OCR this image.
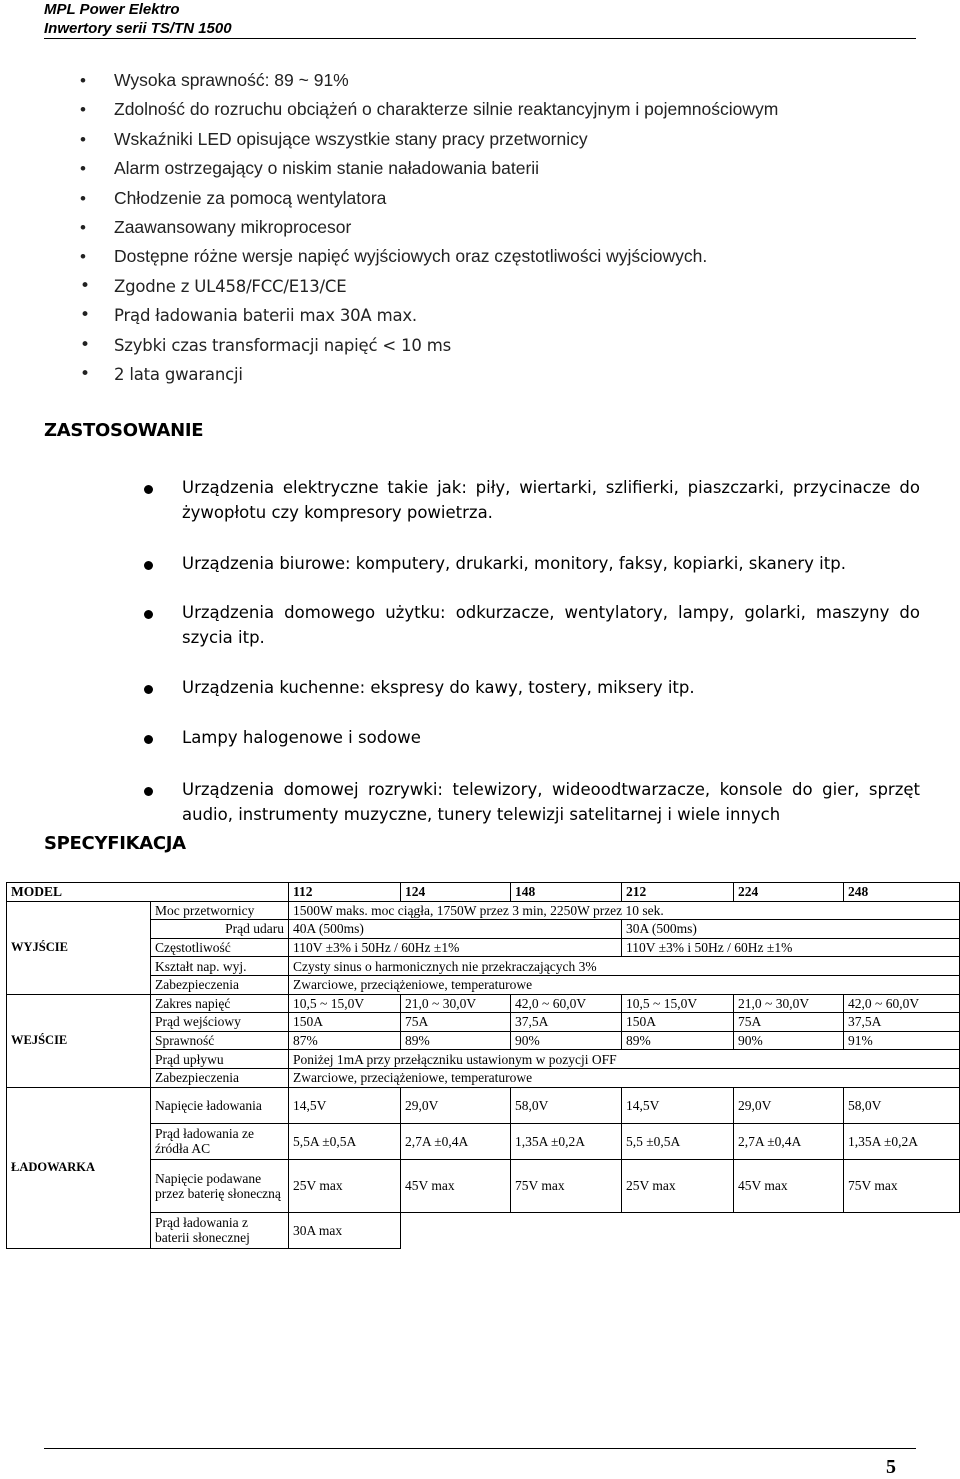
MPL Power Elektro
Inwertory serii TS/TN 1500
• Wysoka sprawność: 89 ~ 91%
• Zdolność do rozruchu obciążeń o charakterze silnie reaktancyjnym i pojemnościowym
• Wskaźniki LED opisujące wszystkie stany pracy przetwornicy
• Alarm ostrzegający o niskim stanie naładowania baterii
• Chłodzenie za pomocą wentylatora
• Zaawansowany mikroprocesor
• Dostępne różne wersje napięć wyjściowych oraz częstotliwości wyjściowych.
• Zgodne z UL458/FCC/E13/CE
• Prąd ładowania baterii max 30A max.
• Szybki czas transformacji napięć < 10 ms
• 2 lata gwarancji
ZASTOSOWANIE
Urządzenia elektryczne takie jak: piły, wiertarki, szlifierki, piaszczarki, przycinacze do żywopłotu czy kompresory powietrza.
Urządzenia biurowe: komputery, drukarki, monitory, faksy, kopiarki, skanery itp.
Urządzenia domowego użytku: odkurzacze, wentylatory, lampy, golarki, maszyny do szycia itp.
Urządzenia kuchenne: ekspresy do kawy, tostery, miksery itp.
Lampy halogenowe i sodowe
Urządzenia domowej rozrywki: telewizory, wideoodtwarzacze, konsole do gier, sprzęt audio, instrumenty muzyczne, tunery telewizji satelitarnej i wiele innych
SPECYFIKACJA
MODEL		112	124	148	212	224	248
WYJŚCIE	Moc przetwornicy	1500W maks. moc ciągła, 1750W przez 3 min, 2250W przez 10 sek.					
	Prąd udaru	40A (500ms)			30A (500ms)		
	Częstotliwość	110V ±3% i 50Hz / 60Hz ±1%			110V ±3% i 50Hz / 60Hz ±1%		
	Kształt nap. wyj.	Czysty sinus o harmonicznych nie przekraczających 3%					
	Zabezpieczenia	Zwarciowe, przeciążeniowe, temperaturowe					
WEJŚCIE	Zakres napięć	10,5 ~ 15,0V	21,0 ~ 30,0V	42,0 ~ 60,0V	10,5 ~ 15,0V	21,0 ~ 30,0V	42,0 ~ 60,0V
	Prąd wejściowy	150A	75A	37,5A	150A	75A	37,5A
	Sprawność	87%	89%	90%	89%	90%	91%
	Prąd upływu	Poniżej 1mA przy przełączniku ustawionym w pozycji OFF					
	Zabezpieczenia	Zwarciowe, przeciążeniowe, temperaturowe					
ŁADOWARKA	Napięcie ładowania	14,5V	29,0V	58,0V	14,5V	29,0V	58,0V
	Prąd ładowania ze źródła AC	5,5A ±0,5A	2,7A ±0,4A	1,35A ±0,2A	5,5 ±0,5A	2,7A ±0,4A	1,35A ±0,2A
	Napięcie podawane przez baterię słoneczną	25V max	45V max	75V max	25V max	45V max	75V max
	Prąd ładowania z baterii słonecznej	30A max					
5
